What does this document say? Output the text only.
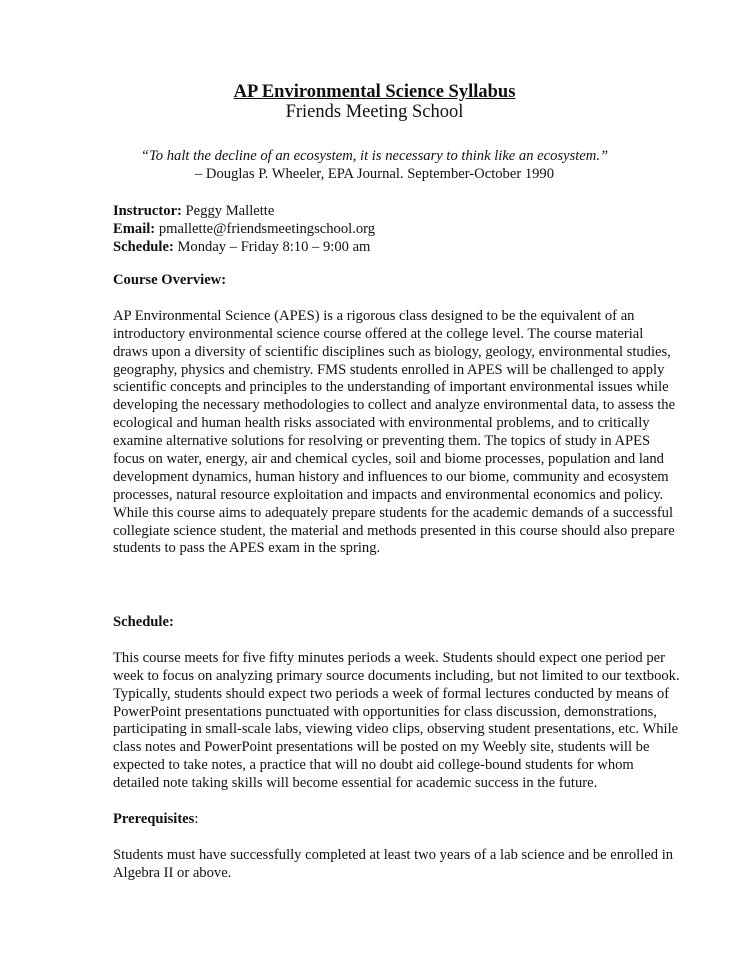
AP Environmental Science Syllabus
Friends Meeting School
“To halt the decline of an ecosystem, it is necessary to think like an ecosystem.”
– Douglas P. Wheeler, EPA Journal. September-October 1990
Instructor: Peggy Mallette
Email: pmallette@friendsmeetingschool.org
Schedule: Monday – Friday 8:10 – 9:00 am
Course Overview:
AP Environmental Science (APES) is a rigorous class designed to be the equivalent of an
introductory environmental science course offered at the college level. The course material
draws upon a diversity of scientific disciplines such as biology, geology, environmental studies,
geography, physics and chemistry. FMS students enrolled in APES will be challenged to apply
scientific concepts and principles to the understanding of important environmental issues while
developing the necessary methodologies to collect and analyze environmental data, to assess the
ecological and human health risks associated with environmental problems, and to critically
examine alternative solutions for resolving or preventing them. The topics of study in APES
focus on water, energy, air and chemical cycles, soil and biome processes, population and land
development dynamics, human history and influences to our biome, community and ecosystem
processes, natural resource exploitation and impacts and environmental economics and policy.
While this course aims to adequately prepare students for the academic demands of a successful
collegiate science student, the material and methods presented in this course should also prepare
students to pass the APES exam in the spring.
Schedule:
This course meets for five fifty minutes periods a week. Students should expect one period per
week to focus on analyzing primary source documents including, but not limited to our textbook.
Typically, students should expect two periods a week of formal lectures conducted by means of
PowerPoint presentations punctuated with opportunities for class discussion, demonstrations,
participating in small-scale labs, viewing video clips, observing student presentations, etc. While
class notes and PowerPoint presentations will be posted on my Weebly site, students will be
expected to take notes, a practice that will no doubt aid college-bound students for whom
detailed note taking skills will become essential for academic success in the future.
Prerequisites:
Students must have successfully completed at least two years of a lab science and be enrolled in
Algebra II or above.
